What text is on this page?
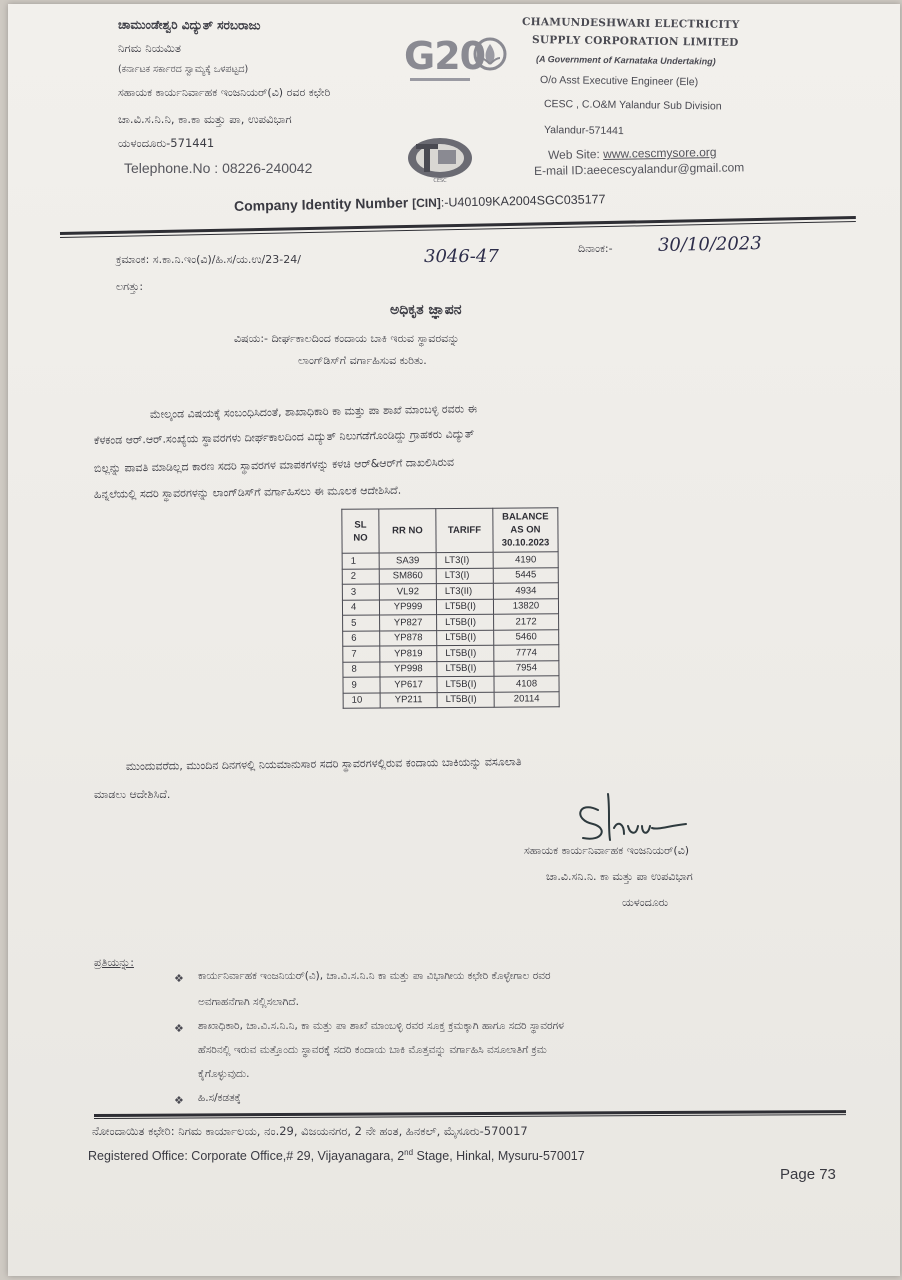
ಚಾಮುಂಡೇಶ್ವರಿ ವಿದ್ಯುತ್ ಸರಬರಾಜು
ನಿಗಮ ನಿಯಮಿತ
(ಕರ್ನಾಟಕ ಸರ್ಕಾರದ ಸ್ವಾಮ್ಯಕ್ಕೆ ಒಳಪಟ್ಟದ)
ಸಹಾಯಕ ಕಾರ್ಯನಿರ್ವಾಹಕ ಇಂಜನಿಯರ್(ವಿ) ರವರ ಕಛೇರಿ
ಚಾ.ವಿ.ಸ.ನಿ.ನಿ, ಕಾ.ಕಾ ಮತ್ತು ಪಾ, ಉಪವಿಭಾಗ
ಯಳಂದೂರು-571441
Telephone.No : 08226-240042
G20
CESC
CHAMUNDESHWARI ELECTRICITY
SUPPLY CORPORATION LIMITED
(A Government of Karnataka Undertaking)
O/o Asst Executive Engineer (Ele)
CESC , C.O&M Yalandur Sub Division
Yalandur-571441
Web Site: www.cescmysore.org
E-mail ID:aeecescyalandur@gmail.com
Company Identity Number [CIN]:-U40109KA2004SGC035177
ಕ್ರಮಾಂಕ: ಸ.ಕಾ.ನಿ.ಇಂ(ವಿ)/ಹಿ.ಸ/ಯ.ಉ/23-24/	3046-47	ದಿನಾಂಕ:-	30/10/2023
ಲಗತ್ತು:
ಅಧಿಕೃತ ಜ್ಞಾಪನ
ವಿಷಯ:- ದೀರ್ಘಕಾಲದಿಂದ ಕಂದಾಯ ಬಾಕಿ ಇರುವ ಸ್ಥಾವರವನ್ನು
ಲಾಂಗ್‌ಡಿಸ್‌ಗೆ ವರ್ಗಾಹಿಸುವ ಕುರಿತು.
ಮೇಲ್ಕಂಡ ವಿಷಯಕ್ಕೆ ಸಂಬಂಧಿಸಿದಂತೆ, ಶಾಖಾಧಿಕಾರಿ ಕಾ ಮತ್ತು ಪಾ ಶಾಖೆ ಮಾಂಬಳ್ಳಿ ರವರು ಈ
ಕೆಳಕಂಡ ಆರ್.ಆರ್.ಸಂಖ್ಯೆಯ ಸ್ಥಾವರಗಳು ದೀರ್ಘಕಾಲದಿಂದ ವಿದ್ಯುತ್ ನಿಲುಗಡೆಗೊಂಡಿದ್ದು ಗ್ರಾಹಕರು ವಿದ್ಯುತ್
ಬಿಲ್ಲನ್ನು ಪಾವತಿ ಮಾಡಿಲ್ಲದ ಕಾರಣ ಸದರಿ ಸ್ಥಾವರಗಳ ಮಾಪಕಗಳನ್ನು ಕಳಚಿ ಆರ್&ಆರ್‌ಗೆ ದಾಖಲಿಸಿರುವ
ಹಿನ್ನಲೆಯಲ್ಲಿ ಸದರಿ ಸ್ಥಾವರಗಳನ್ನು ಲಾಂಗ್‌ಡಿಸ್‌ಗೆ ವರ್ಗಾಹಿಸಲು ಈ ಮೂಲಕ ಆದೇಶಿಸಿದೆ.
SL NO	RR NO	TARIFF	BALANCE AS ON 30.10.2023
1	SA39	LT3(I)	4190
2	SM860	LT3(I)	5445
3	VL92	LT3(II)	4934
4	YP999	LT5B(I)	13820
5	YP827	LT5B(I)	2172
6	YP878	LT5B(I)	5460
7	YP819	LT5B(I)	7774
8	YP998	LT5B(I)	7954
9	YP617	LT5B(I)	4108
10	YP211	LT5B(I)	20114
ಮುಂದುವರೆದು, ಮುಂದಿನ ದಿನಗಳಲ್ಲಿ ನಿಯಮಾನುಸಾರ ಸದರಿ ಸ್ಥಾವರಗಳಲ್ಲಿರುವ ಕಂದಾಯ ಬಾಕಿಯನ್ನು ವಸೂಲಾತಿ
ಮಾಡಲು ಆದೇಶಿಸಿದೆ.
ಸಹಾಯಕ ಕಾರ್ಯನಿರ್ವಾಹಕ ಇಂಜನಿಯರ್(ವಿ)
ಚಾ.ವಿ.ಸನಿ.ನಿ. ಕಾ ಮತ್ತು ಪಾ ಉಪವಿಭಾಗ
ಯಳಂದೂರು
ಪ್ರತಿಯನ್ನು:
❖ ಕಾರ್ಯನಿರ್ವಾಹಕ ಇಂಜನಿಯರ್(ವಿ), ಚಾ.ವಿ.ಸ.ನಿ.ನಿ ಕಾ ಮತ್ತು ಪಾ ವಿಭಾಗೀಯ ಕಛೇರಿ ಕೊಳ್ಳೇಗಾಲ ರವರ
ಅವಗಾಹನೆಗಾಗಿ ಸಲ್ಲಿಸಲಾಗಿದೆ.
❖ ಶಾಖಾಧಿಕಾರಿ, ಚಾ.ವಿ.ಸ.ನಿ.ನಿ, ಕಾ ಮತ್ತು ಪಾ ಶಾಖೆ ಮಾಂಬಳ್ಳಿ ರವರ ಸೂಕ್ತ ಕ್ರಮಕ್ಕಾಗಿ ಹಾಗೂ ಸದರಿ ಸ್ಥಾವರಗಳ
ಹೆಸರಿನಲ್ಲಿ ಇರುವ ಮತ್ತೊಂದು ಸ್ಥಾವರಕ್ಕೆ ಸದರಿ ಕಂದಾಯ ಬಾಕಿ ಮೊತ್ತವನ್ನು ವರ್ಗಾಹಿಸಿ ವಸೂಲಾತಿಗೆ ಕ್ರಮ
ಕೈಗೊಳ್ಳುವುದು.
❖ ಹಿ.ಸ/ಕಡತಕ್ಕೆ
ನೋಂದಾಯಿತ ಕಛೇರಿ: ನಿಗಮ ಕಾರ್ಯಾಲಯ, ನಂ.29, ವಿಜಯನಗರ, 2 ನೇ ಹಂತ, ಹಿನಕಲ್, ಮೈಸೂರು-570017
Registered Office: Corporate Office,# 29, Vijayanagara, 2nd Stage, Hinkal, Mysuru-570017
Page 73
